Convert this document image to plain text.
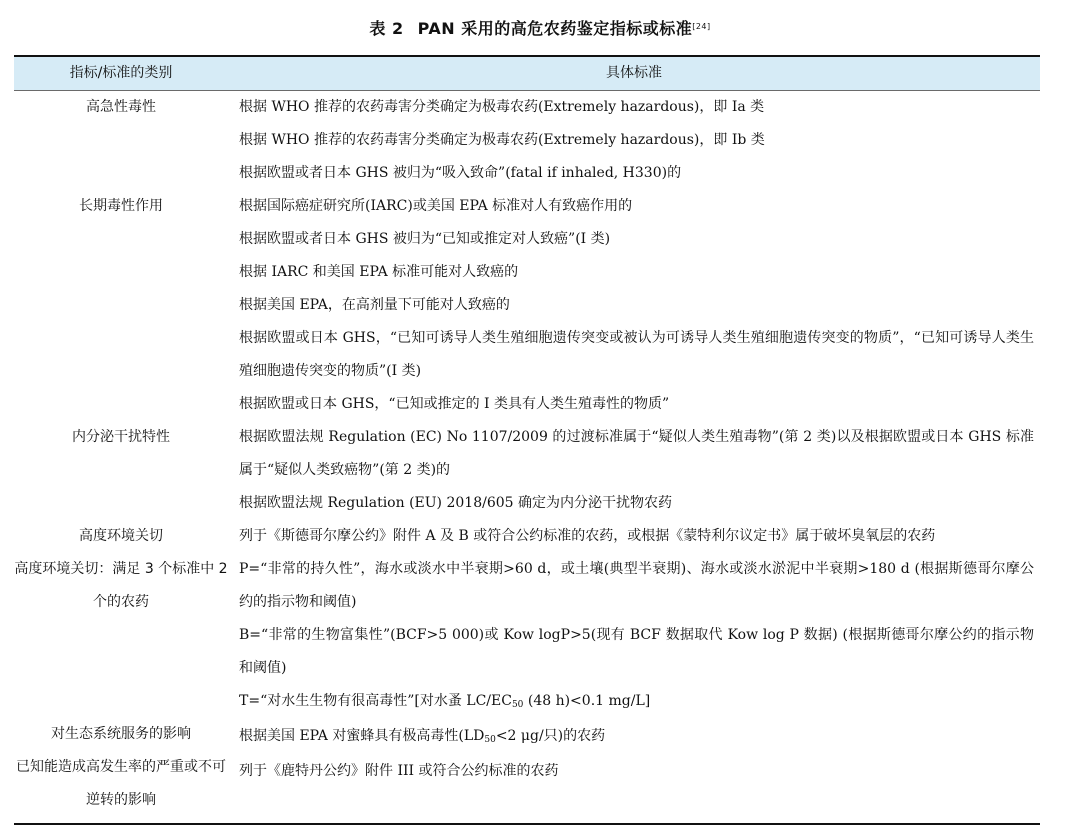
表 2 PAN 采用的高危农药鉴定指标或标准[24]
指标/标准的类别	具体标准
高急性毒性
长期毒性作用
内分泌干扰特性
高度环境关切
高度环境关切：满足 3 个标准中 2 个的农药
对生态系统服务的影响
已知能造成高发生率的严重或不可逆转的影响
根据 WHO 推荐的农药毒害分类确定为极毒农药(Extremely hazardous)，即 Ia 类
根据 WHO 推荐的农药毒害分类确定为极毒农药(Extremely hazardous)，即 Ib 类
根据欧盟或者日本 GHS 被归为“吸入致命”(fatal if inhaled, H330)的
根据国际癌症研究所(IARC)或美国 EPA 标准对人有致癌作用的
根据欧盟或者日本 GHS 被归为“已知或推定对人致癌”(I 类)
根据 IARC 和美国 EPA 标准可能对人致癌的
根据美国 EPA，在高剂量下可能对人致癌的
根据欧盟或日本 GHS，“已知可诱导人类生殖细胞遗传突变或被认为可诱导人类生殖细胞遗传突变的物质”，“已知可诱导人类生殖细胞遗传突变的物质”(I 类)
根据欧盟或日本 GHS，“已知或推定的 I 类具有人类生殖毒性的物质”
根据欧盟法规 Regulation (EC) No 1107/2009 的过渡标准属于“疑似人类生殖毒物”(第 2 类)以及根据欧盟或日本 GHS 标准属于“疑似人类致癌物”(第 2 类)的
根据欧盟法规 Regulation (EU) 2018/605 确定为内分泌干扰物农药
列于《斯德哥尔摩公约》附件 A 及 B 或符合公约标准的农药，或根据《蒙特利尔议定书》属于破坏臭氧层的农药
P=“非常的持久性”，海水或淡水中半衰期>60 d，或土壤(典型半衰期)、海水或淡水淤泥中半衰期>180 d (根据斯德哥尔摩公约的指示物和阈值)
B=“非常的生物富集性”(BCF>5 000)或 Kow logP>5(现有 BCF 数据取代 Kow log P 数据) (根据斯德哥尔摩公约的指示物和阈值)
T=“对水生生物有很高毒性”[对水蚤 $LC/EC_{50}$ (48 h)<0.1 mg/L]
根据美国 EPA 对蜜蜂具有极高毒性($LD_{50}<2$ μg/只)的农药
列于《鹿特丹公约》附件 III 或符合公约标准的农药
